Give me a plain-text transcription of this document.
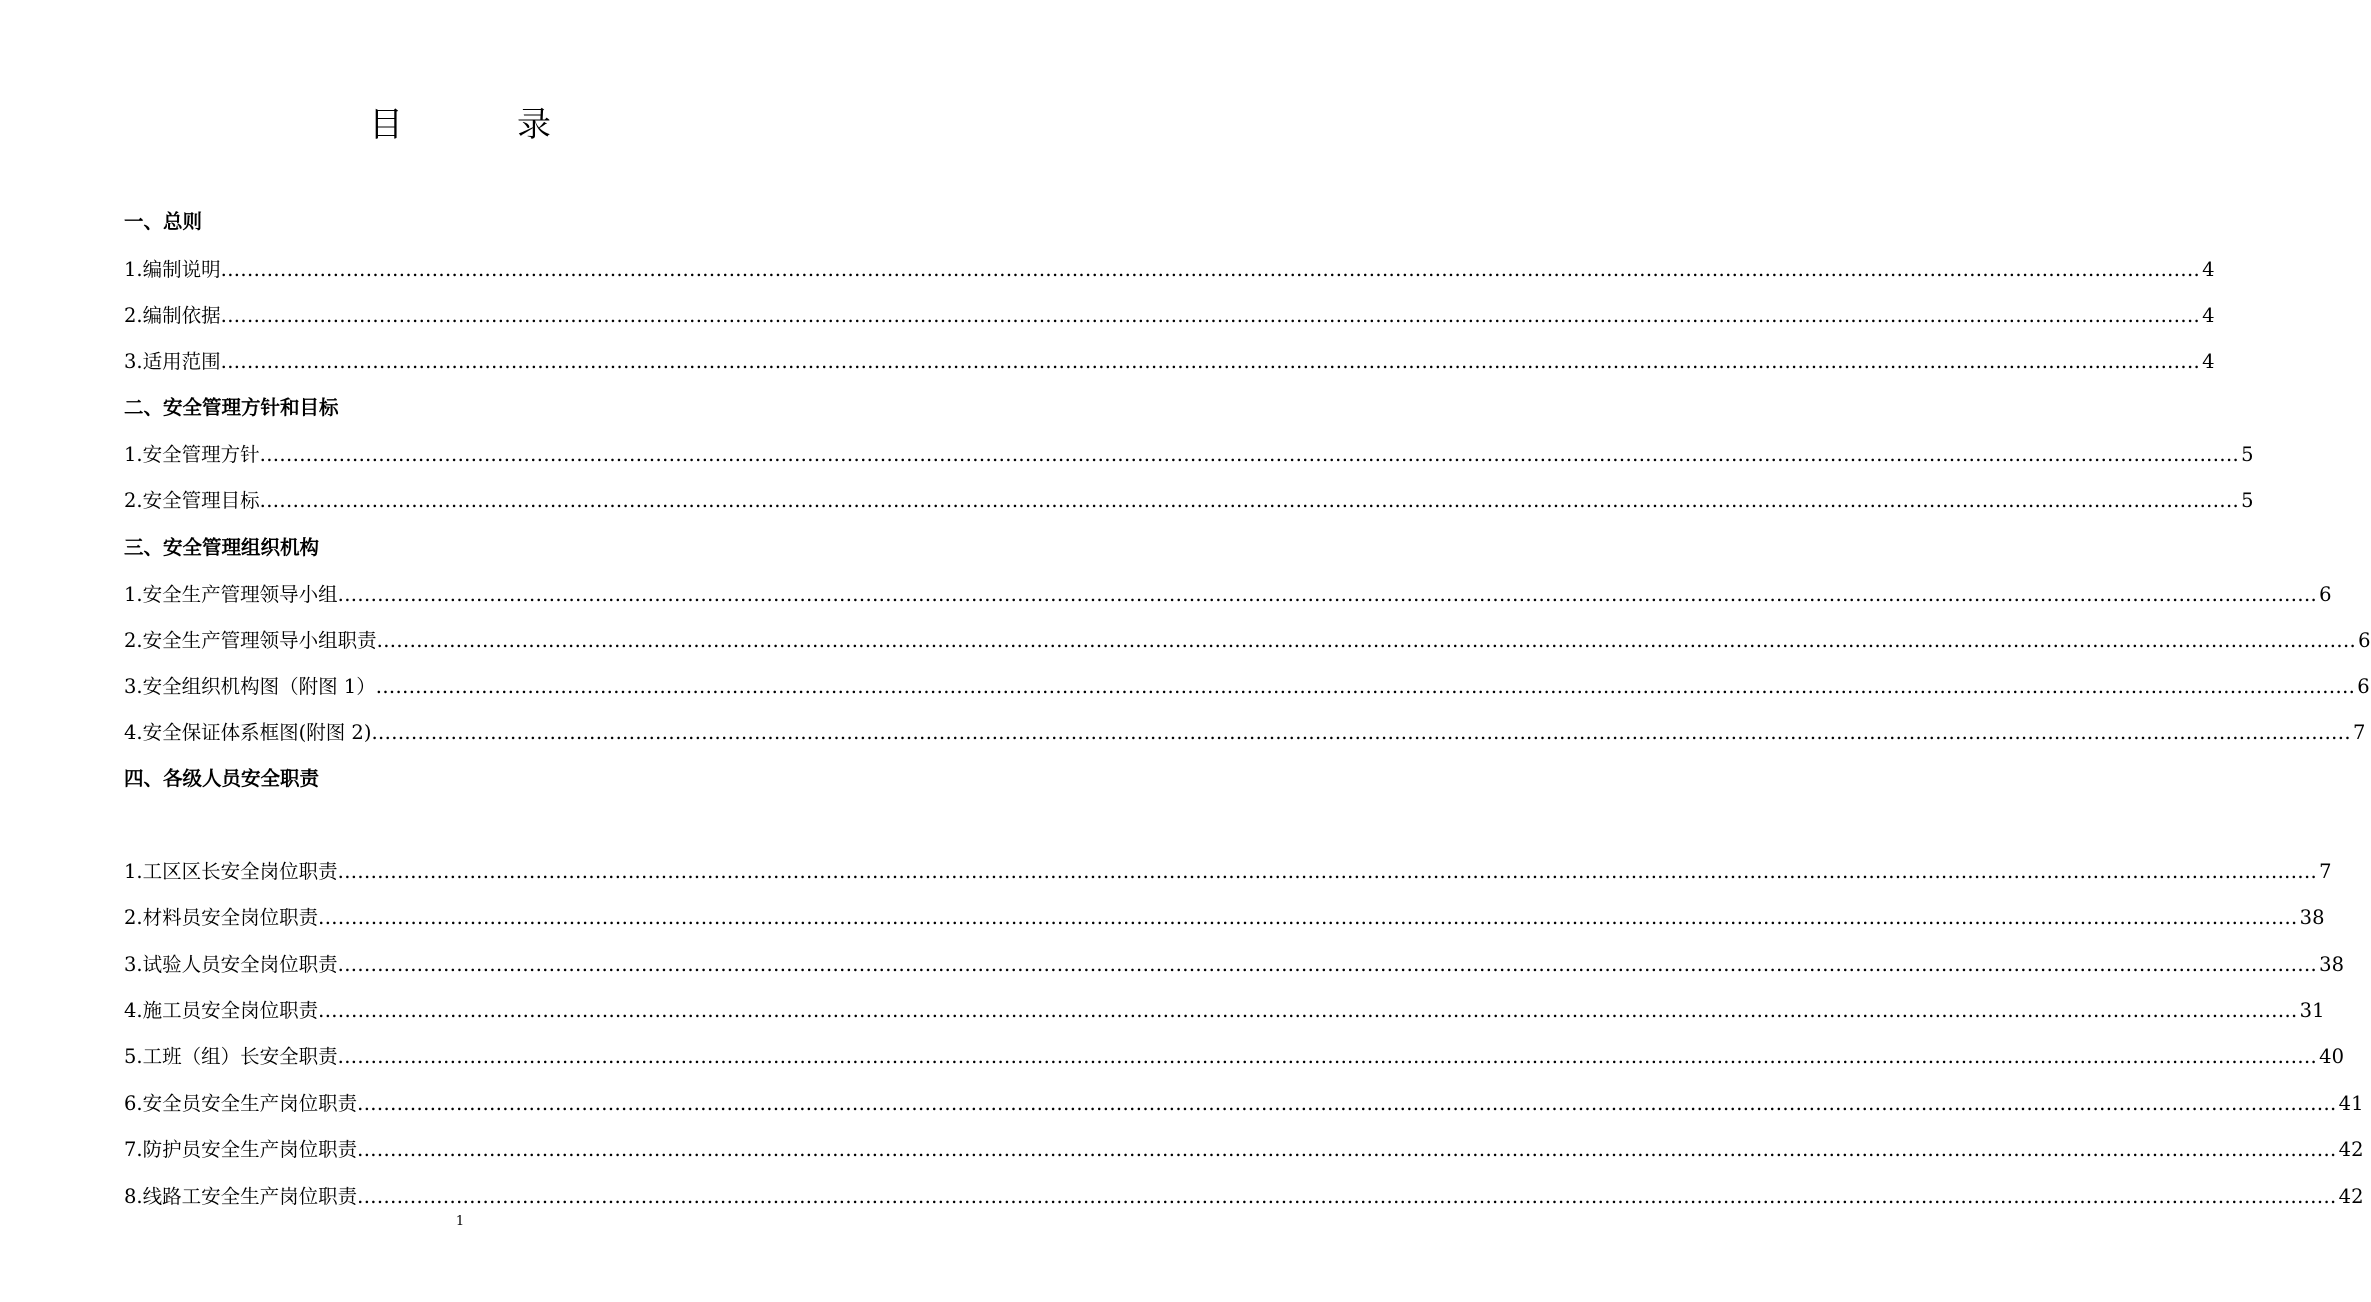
目　录
一、总则
1.编制说明 ............................................................................................................................................................................................................................................................................................................ 4
2.编制依据 ............................................................................................................................................................................................................................................................................................................ 4
3.适用范围 ............................................................................................................................................................................................................................................................................................................ 4
二、安全管理方针和目标
1.安全管理方针 ............................................................................................................................................................................................................................................................................................................ 5
2.安全管理目标 ............................................................................................................................................................................................................................................................................................................ 5
三、安全管理组织机构
1.安全生产管理领导小组 ............................................................................................................................................................................................................................................................................................................ 6
2.安全生产管理领导小组职责 ............................................................................................................................................................................................................................................................................................................ 6
3.安全组织机构图（附图 1） ............................................................................................................................................................................................................................................................................................................ 6
4.安全保证体系框图(附图 2) ............................................................................................................................................................................................................................................................................................................ 7
四、各级人员安全职责
1.工区区长安全岗位职责 ............................................................................................................................................................................................................................................................................................................ 7
2.材料员安全岗位职责 ............................................................................................................................................................................................................................................................................................................ 38
3.试验人员安全岗位职责 ............................................................................................................................................................................................................................................................................................................ 38
4.施工员安全岗位职责 ............................................................................................................................................................................................................................................................................................................ 31
5.工班（组）长安全职责 ............................................................................................................................................................................................................................................................................................................ 40
6.安全员安全生产岗位职责 ............................................................................................................................................................................................................................................................................................................ 41
7.防护员安全生产岗位职责 ............................................................................................................................................................................................................................................................................................................ 42
8.线路工安全生产岗位职责 ............................................................................................................................................................................................................................................................................................................ 42
1
